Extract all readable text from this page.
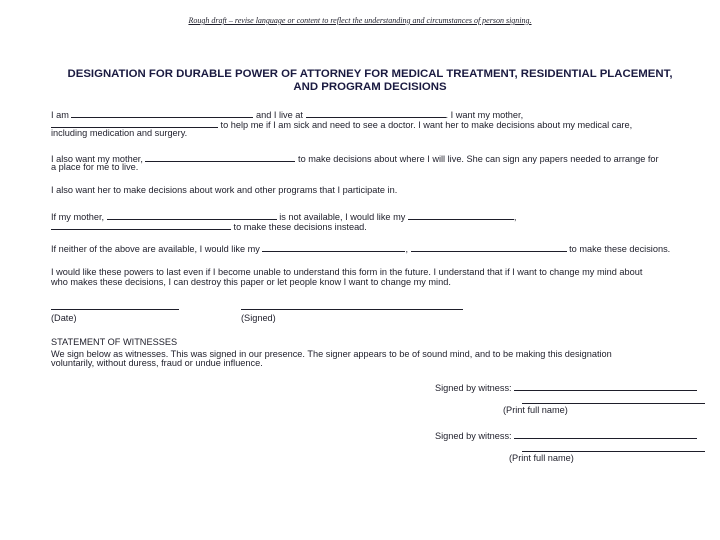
Rough draft – revise language or content to reflect the understanding and circumstances of person signing.
DESIGNATION FOR DURABLE POWER OF ATTORNEY FOR MEDICAL TREATMENT, RESIDENTIAL PLACEMENT,
AND PROGRAM DECISIONS
I am	and I live at	. I want my mother,
to help me if I am sick and need to see a doctor. I want her to make decisions about my medical care,
including medication and surgery.
I also want my mother,	to make decisions about where I will live. She can sign any papers needed to arrange for
a place for me to live.
I also want her to make decisions about work and other programs that I participate in.
If my mother,	is not available, I would like my	,
to make these decisions instead.
If neither of the above are available, I would like my	,	to make these decisions.
I would like these powers to last even if I become unable to understand this form in the future. I understand that if I want to change my mind about
who makes these decisions, I can destroy this paper or let people know I want to change my mind.
(Date)	(Signed)
STATEMENT OF WITNESSES
We sign below as witnesses. This was signed in our presence. The signer appears to be of sound mind, and to be making this designation
voluntarily, without duress, fraud or undue influence.
Signed by witness:
(Print full name)
Signed by witness:
(Print full name)
